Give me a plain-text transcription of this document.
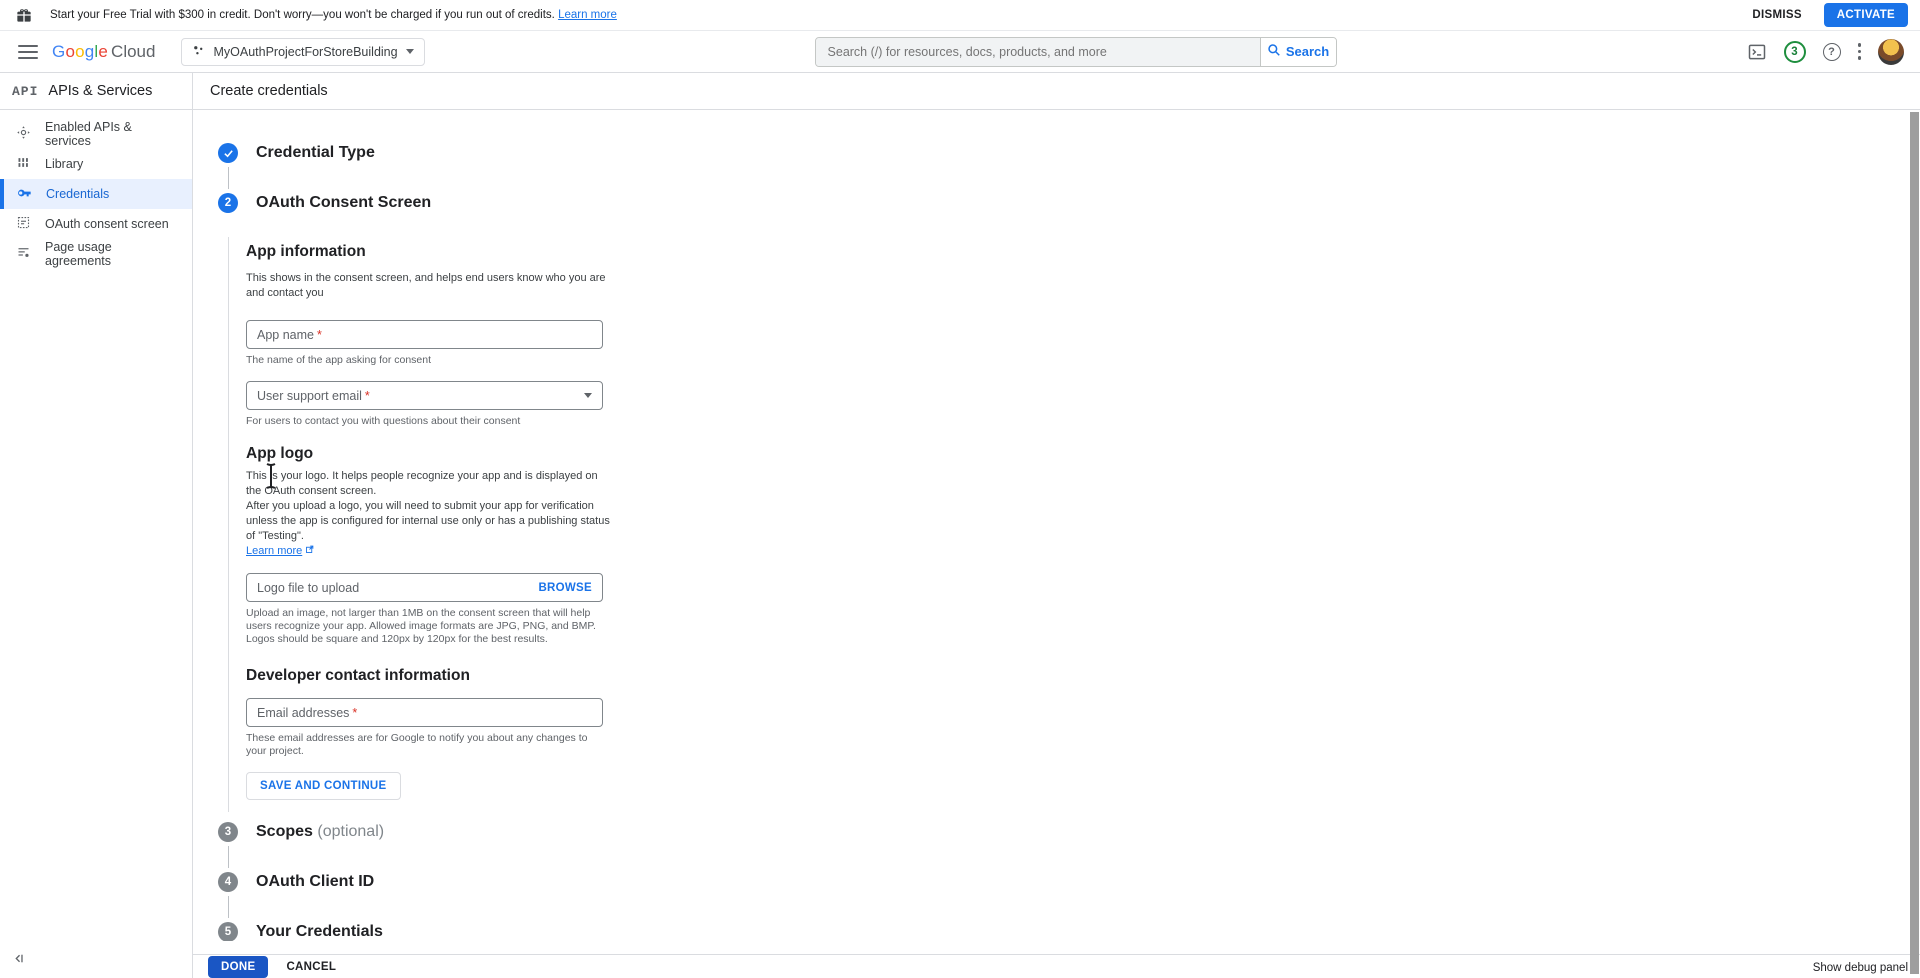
Start your Free Trial with $300 in credit. Don't worry—you won't be charged if you run out of credits. Learn more	DISMISS	ACTIVATE
Google Cloud	MyOAuthProjectForStoreBuilding
Search (/) for resources, docs, products, and more	Search	3	?
API APIs & Services
Enabled APIs & services
Library
Credentials
OAuth consent screen
Page usage agreements
Create credentials
Credential Type
2	OAuth Consent Screen
App information

This shows in the consent screen, and helps end users know who you are and contact you

App name *
The name of the app asking for consent
User support email *
For users to contact you with questions about their consent
App logo

This is your logo. It helps people recognize your app and is displayed on the OAuth consent screen.
After you upload a logo, you will need to submit your app for verification unless the app is configured for internal use only or has a publishing status of "Testing".
Learn more

Logo file to upload	BROWSE
Upload an image, not larger than 1MB on the consent screen that will help users recognize your app. Allowed image formats are JPG, PNG, and BMP. Logos should be square and 120px by 120px for the best results.
Developer contact information
Email addresses *
These email addresses are for Google to notify you about any changes to your project.
SAVE AND CONTINUE
3	Scopes (optional)
4	OAuth Client ID
5	Your Credentials
DONE	CANCEL	Show debug panel
